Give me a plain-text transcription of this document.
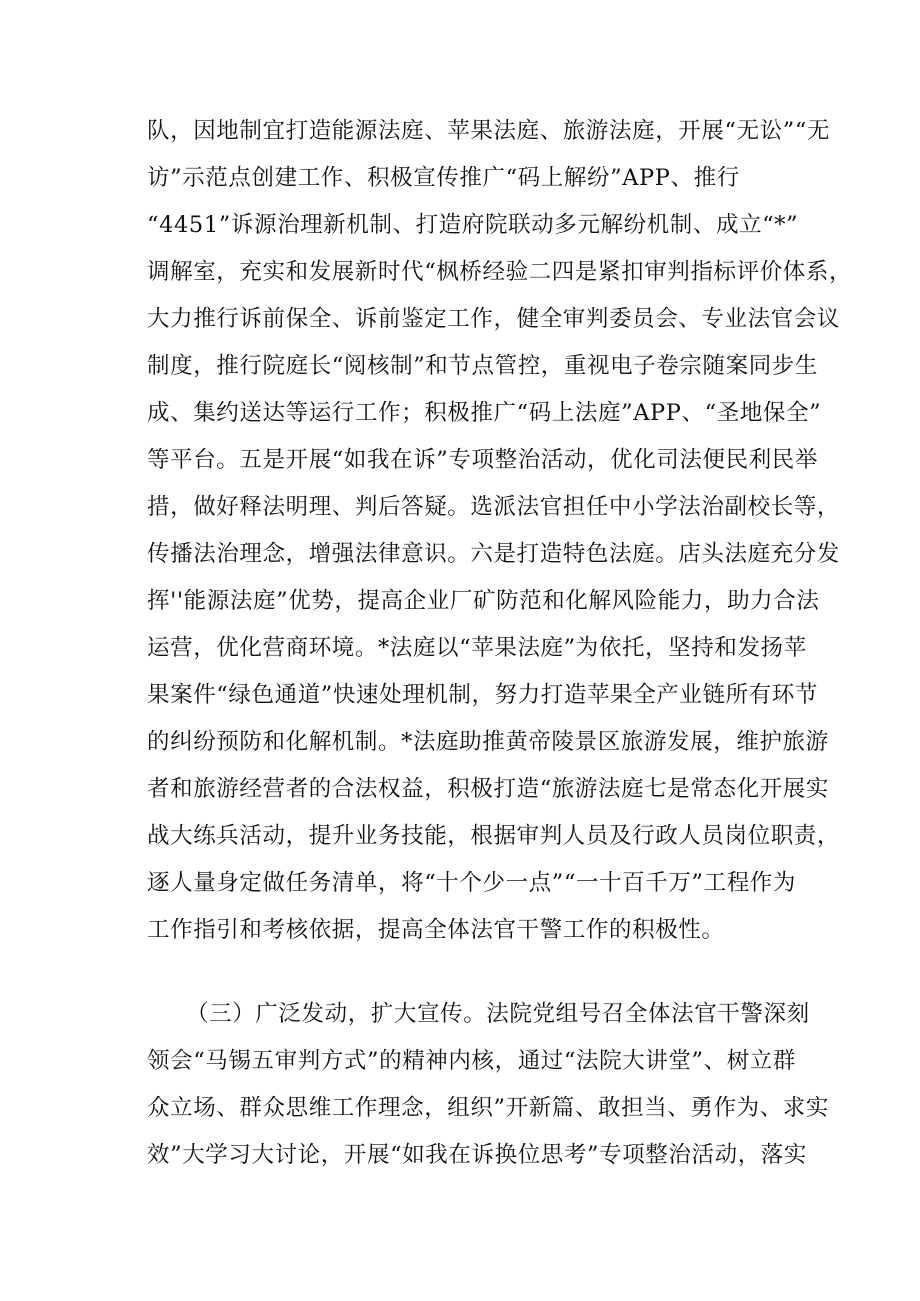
队，因地制宜打造能源法庭、苹果法庭、旅游法庭，开展“无讼”“无
访”示范点创建工作、积极宣传推广“码上解纷”APP、推行
“4451”诉源治理新机制、打造府院联动多元解纷机制、成立“*”
调解室，充实和发展新时代“枫桥经验二四是紧扣审判指标评价体系，
大力推行诉前保全、诉前鉴定工作，健全审判委员会、专业法官会议
制度，推行院庭长“阅核制”和节点管控，重视电子卷宗随案同步生
成、集约送达等运行工作；积极推广“码上法庭”APP、“圣地保全”
等平台。五是开展“如我在诉”专项整治活动，优化司法便民利民举
措，做好释法明理、判后答疑。选派法官担任中小学法治副校长等，
传播法治理念，增强法律意识。六是打造特色法庭。店头法庭充分发
挥''能源法庭”优势，提高企业厂矿防范和化解风险能力，助力合法
运营，优化营商环境。*法庭以“苹果法庭”为依托，坚持和发扬苹
果案件“绿色通道”快速处理机制，努力打造苹果全产业链所有环节
的纠纷预防和化解机制。*法庭助推黄帝陵景区旅游发展，维护旅游
者和旅游经营者的合法权益，积极打造“旅游法庭七是常态化开展实
战大练兵活动，提升业务技能，根据审判人员及行政人员岗位职责，
逐人量身定做任务清单，将“十个少一点”“一十百千万”工程作为
工作指引和考核依据，提高全体法官干警工作的积极性。
（三）广泛发动，扩大宣传。法院党组号召全体法官干警深刻
领会“马锡五审判方式”的精神内核，通过“法院大讲堂”、树立群
众立场、群众思维工作理念，组织”开新篇、敢担当、勇作为、求实
效”大学习大讨论，开展“如我在诉换位思考”专项整治活动，落实
